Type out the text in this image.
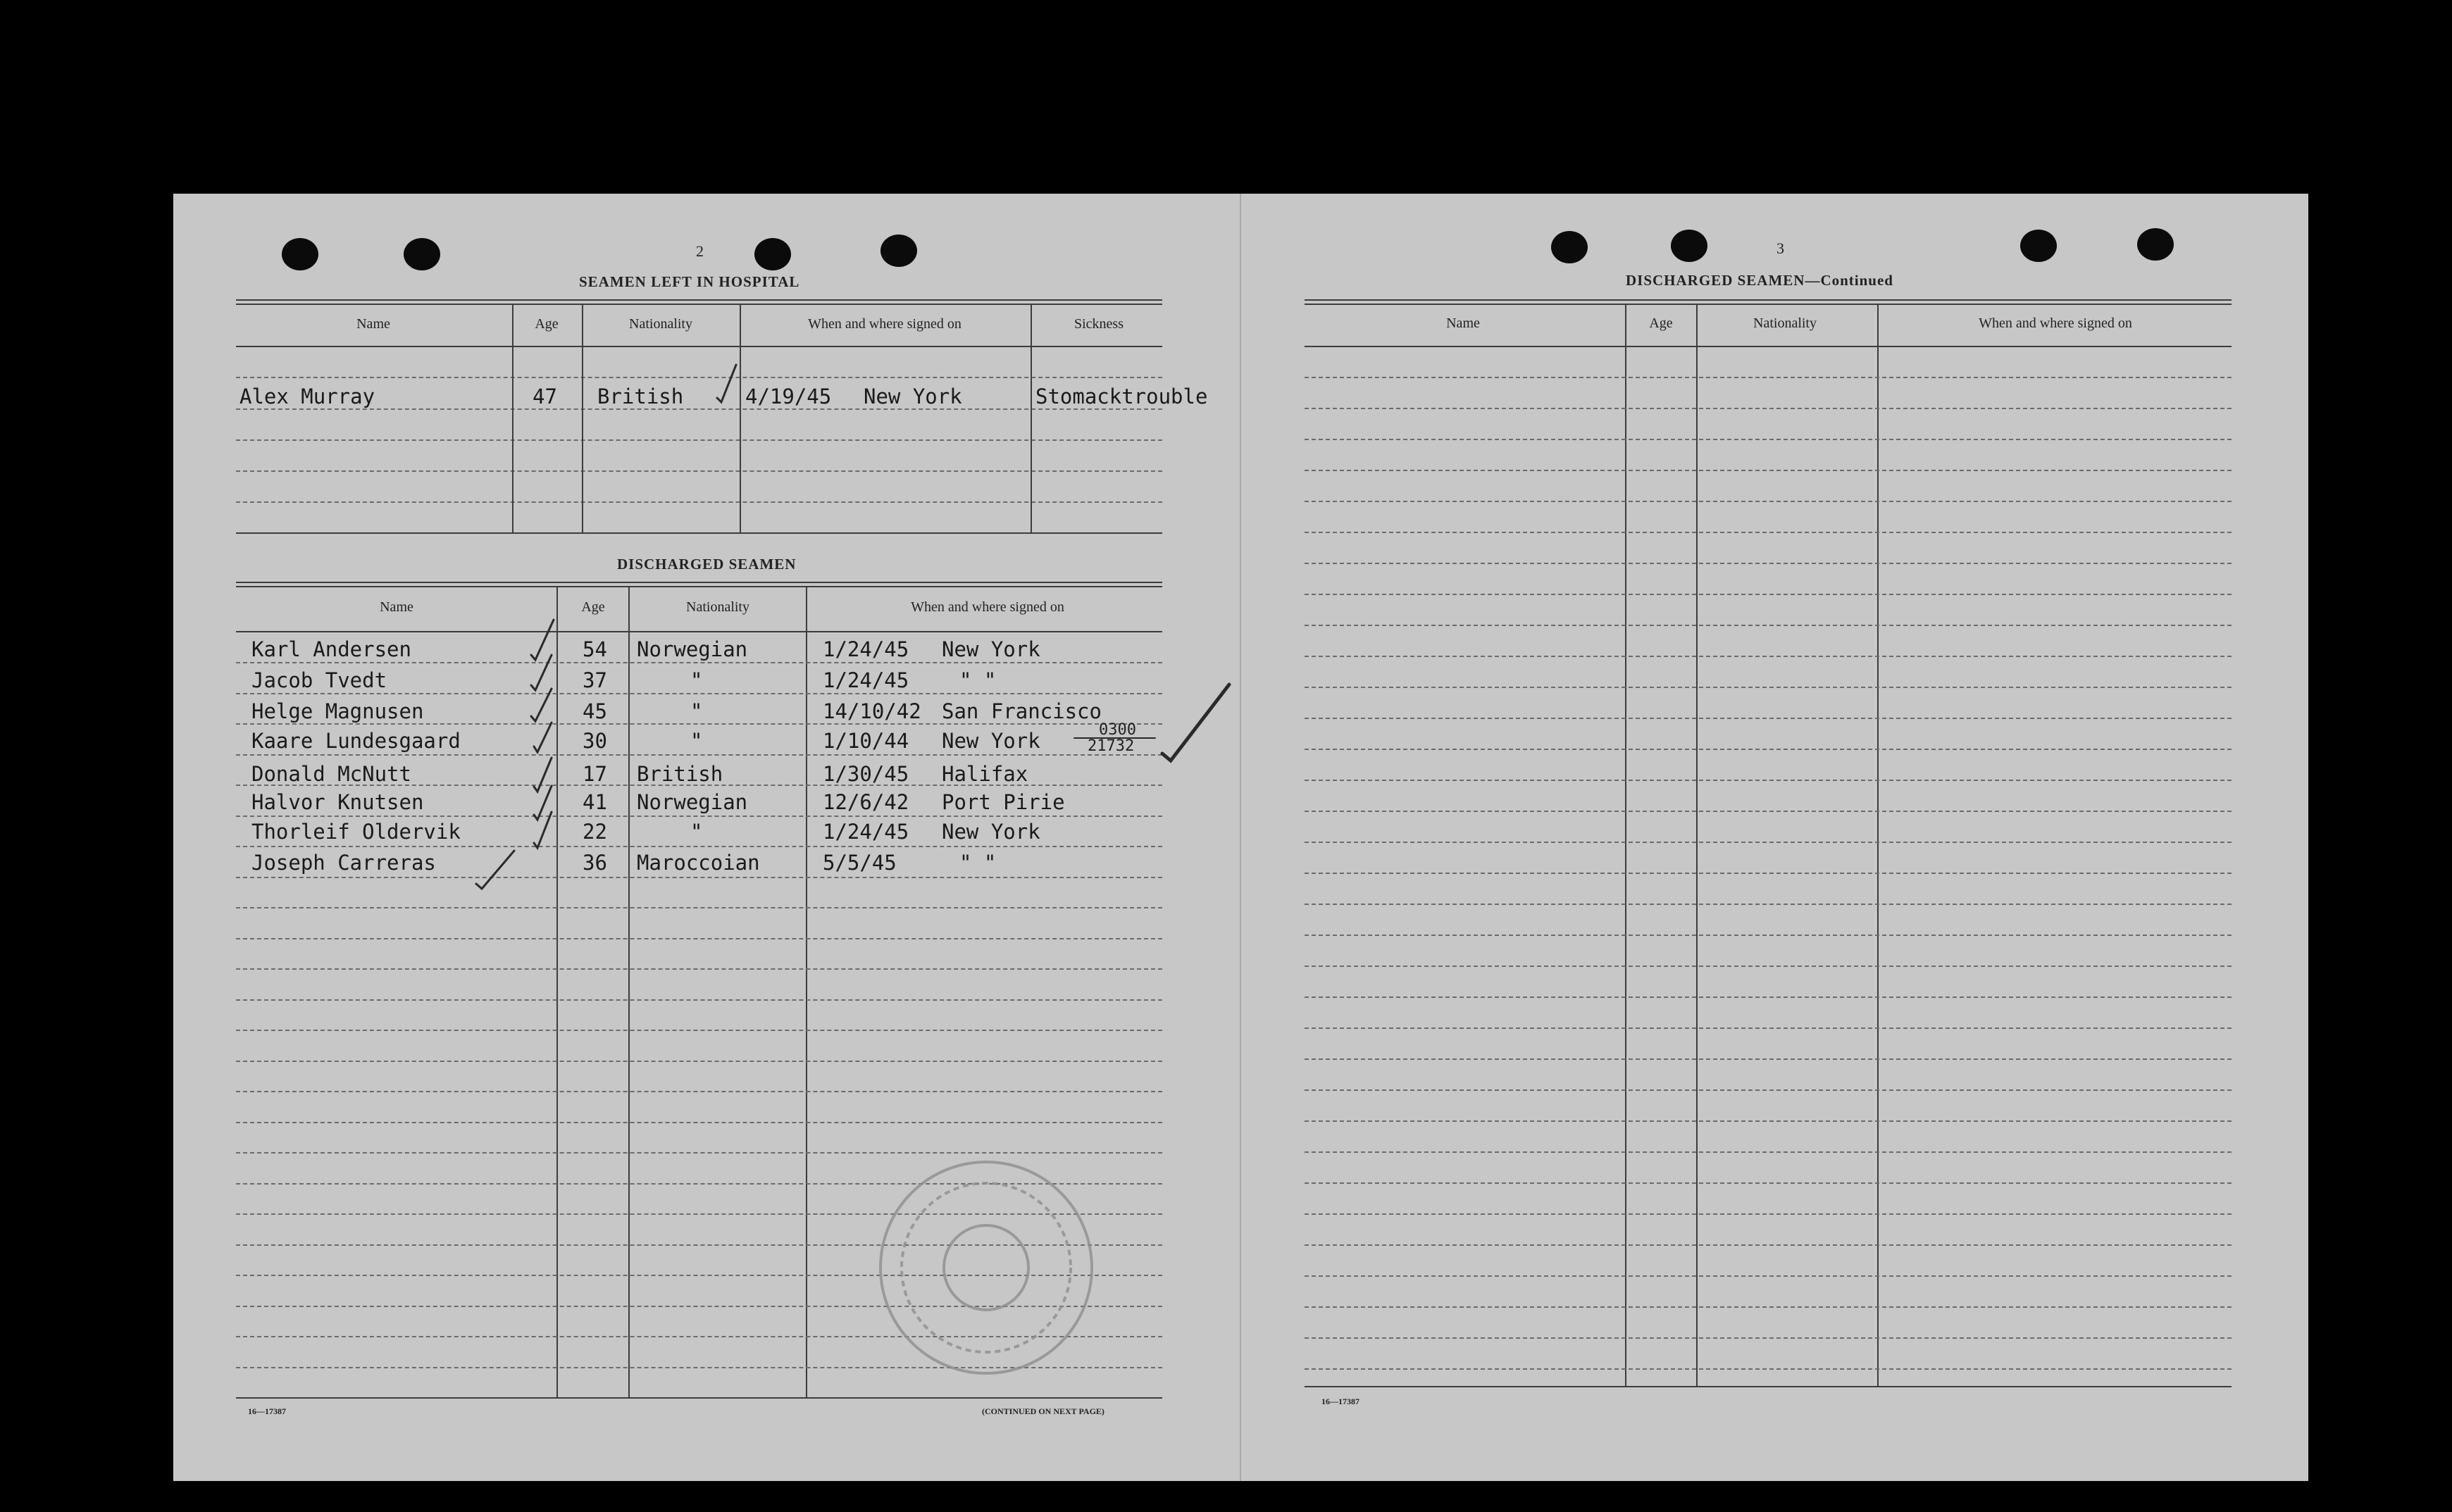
2
SEAMEN LEFT IN HOSPITAL
Name	Age	Nationality	When and where signed on	Sickness
Alex Murray	47 British	4/19/45 New York	Stomacktrouble
DISCHARGED SEAMEN
Name	Age	Nationality	When and where signed on
Karl Andersen	54 Norwegian	1/24/45 New York
Jacob Tvedt	37	"	1/24/45 " "
Helge Magnusen	45	"	14/10/42 San Francisco
Kaare Lundesgaard	30	"	1/10/44 New York
Donald McNutt	17 British	1/30/45 Halifax
Halvor Knutsen	41 Norwegian	12/6/42 Port Pirie
Thorleif Oldervik	22	"	1/24/45 New York
Joseph Carreras	36 Maroccoian	5/5/45	" "
0300
21732
16—17387	(CONTINUED ON NEXT PAGE)
3
DISCHARGED SEAMEN—Continued
Name	Age	Nationality	When and where signed on
16—17387
